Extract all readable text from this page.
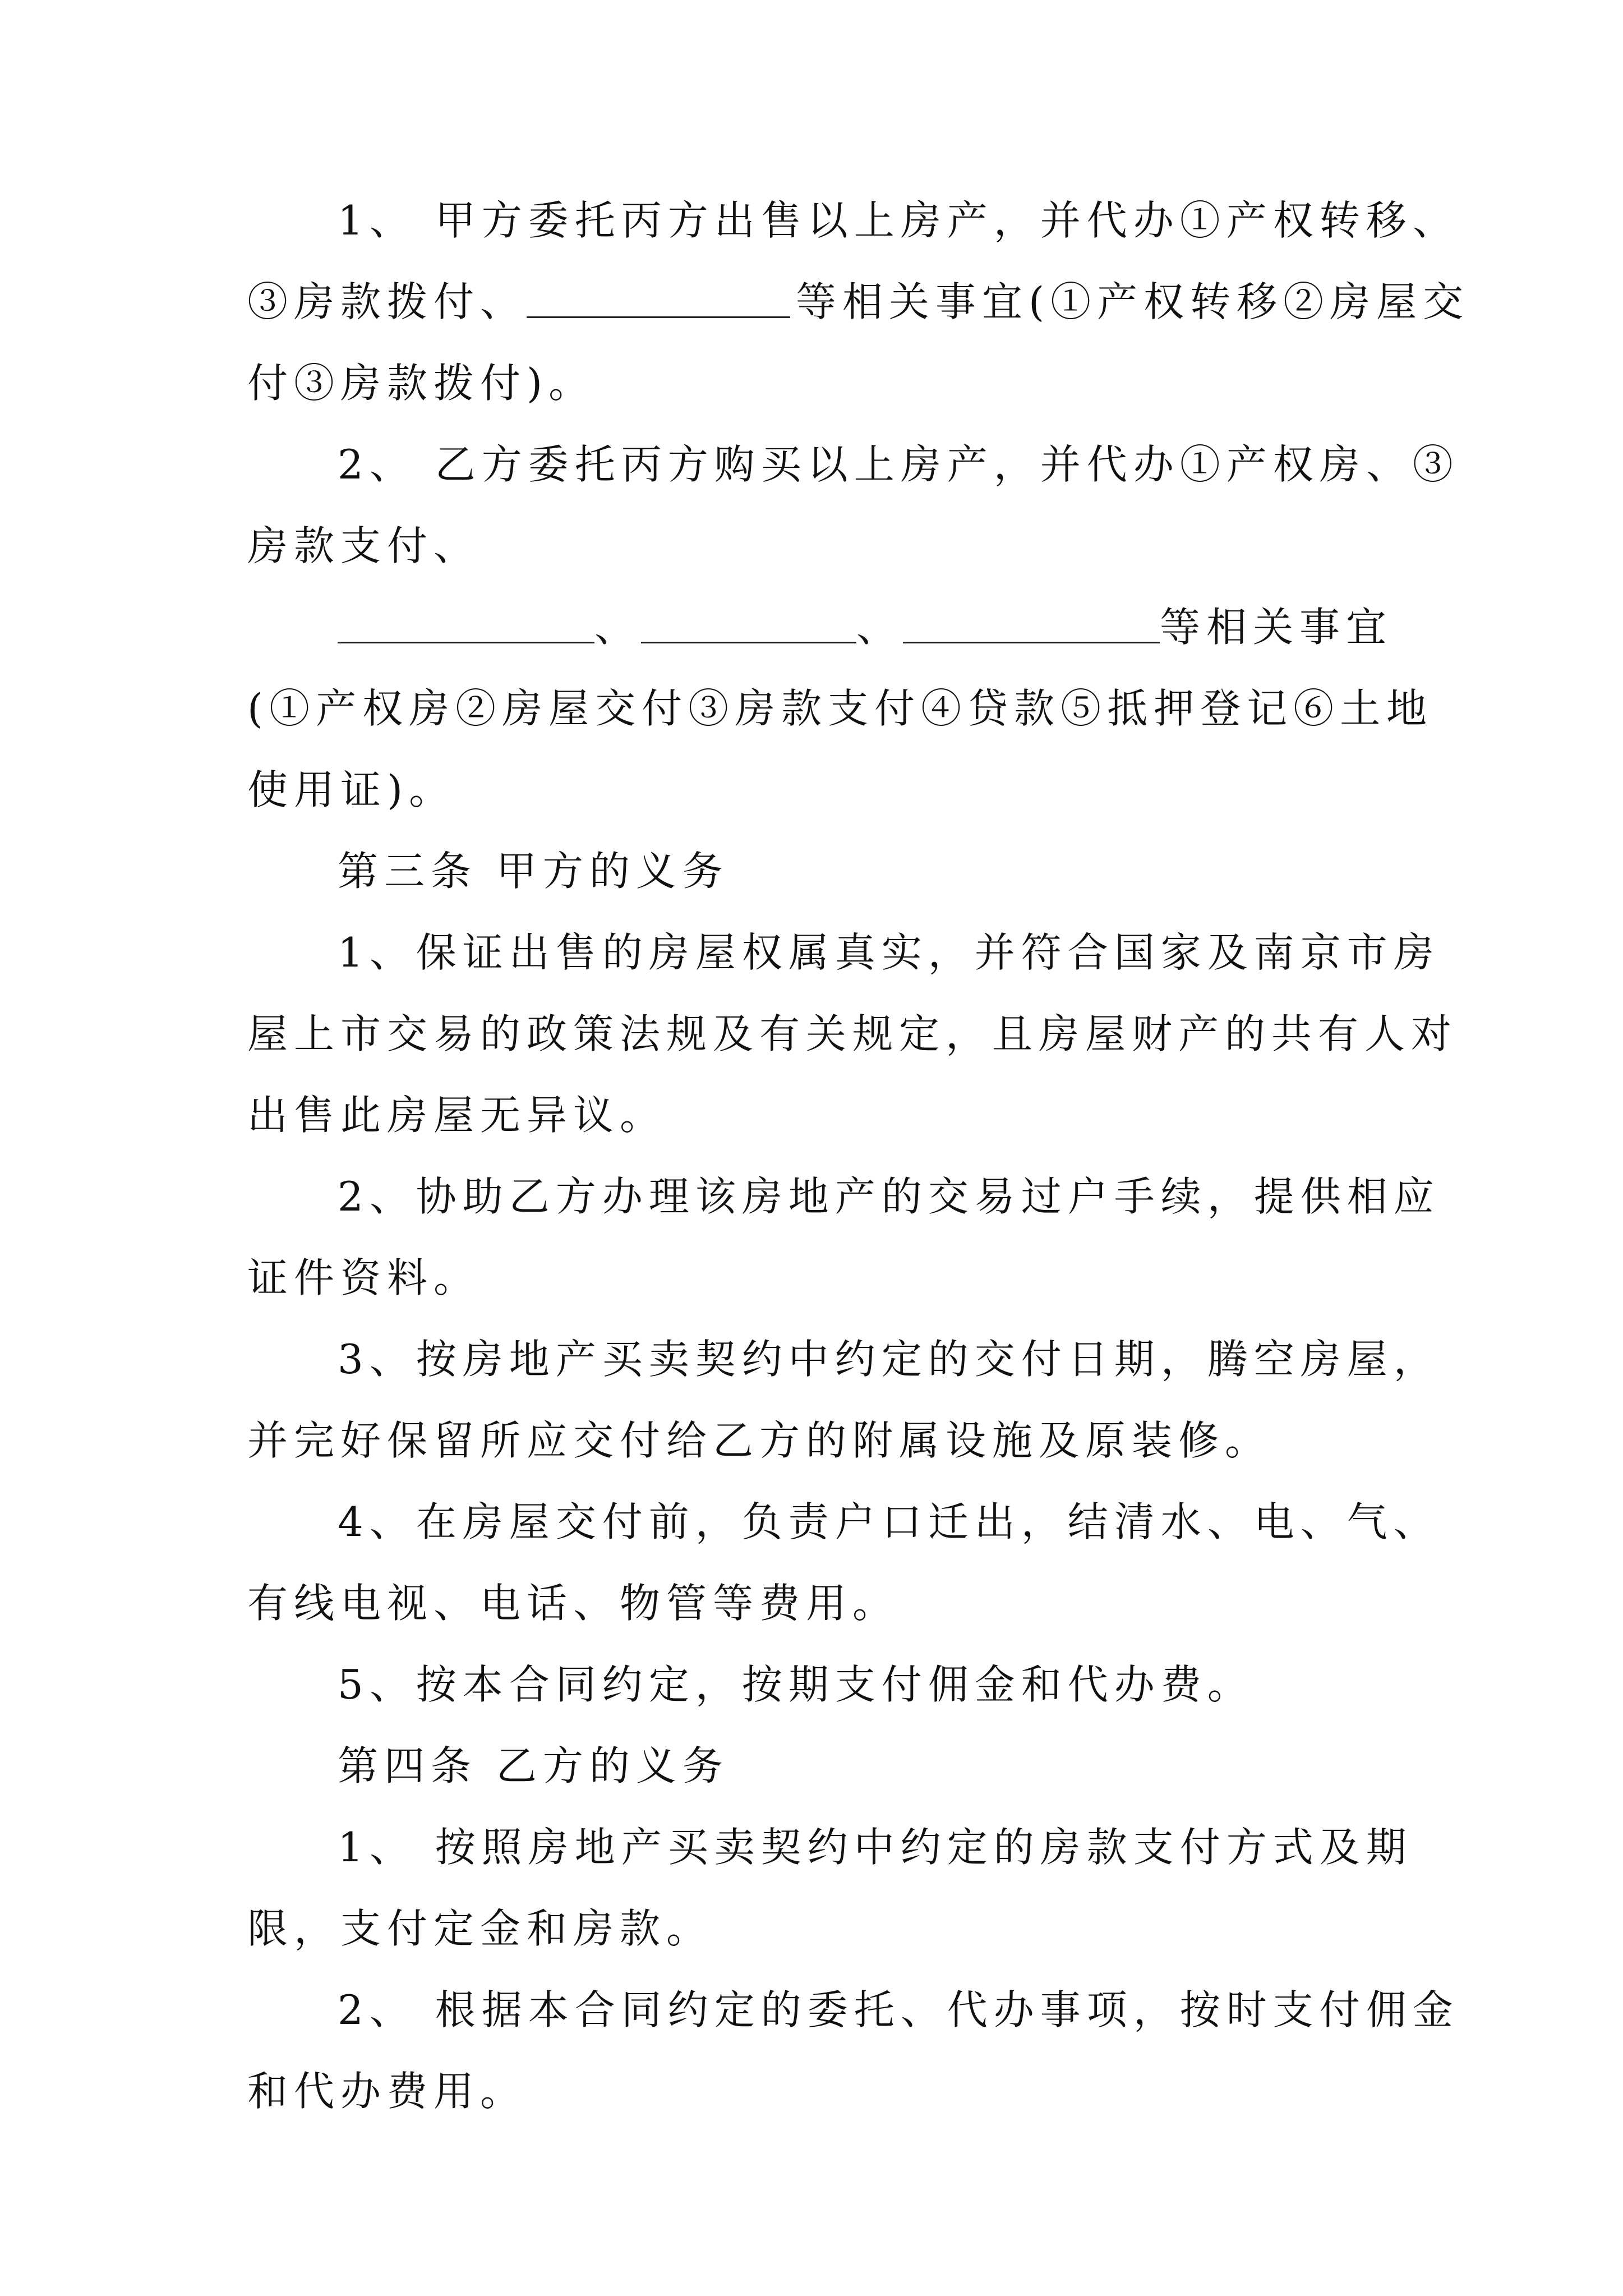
1、 甲方委托丙方出售以上房产，并代办①产权转移、
③房款拨付、	等相关事宜(①产权转移②房屋交
付③房款拨付)。
2、 乙方委托丙方购买以上房产，并代办①产权房、③
房款支付、
、	、	等相关事宜
(①产权房②房屋交付③房款支付④贷款⑤抵押登记⑥土地
使用证)。
第三条 甲方的义务
1、保证出售的房屋权属真实，并符合国家及南京市房
屋上市交易的政策法规及有关规定，且房屋财产的共有人对
出售此房屋无异议。
2、协助乙方办理该房地产的交易过户手续，提供相应
证件资料。
3、按房地产买卖契约中约定的交付日期，腾空房屋，
并完好保留所应交付给乙方的附属设施及原装修。
4、在房屋交付前，负责户口迁出，结清水、电、气、
有线电视、电话、物管等费用。
5、按本合同约定，按期支付佣金和代办费。
第四条 乙方的义务
1、 按照房地产买卖契约中约定的房款支付方式及期
限，支付定金和房款。
2、 根据本合同约定的委托、代办事项，按时支付佣金
和代办费用。
